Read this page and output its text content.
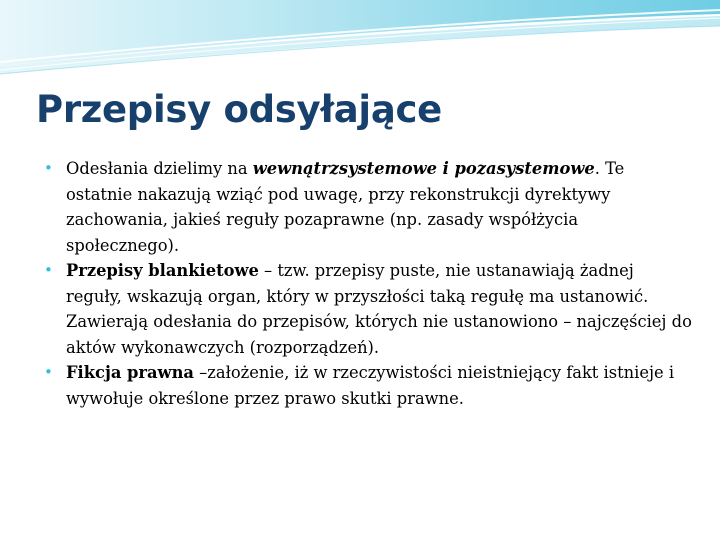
Przepisy odsyłające
• Odesłania dzielimy na wewnątrzsystemowe i pozasystemowe. Te ostatnie nakazują wziąć pod uwagę, przy rekonstrukcji dyrektywy zachowania, jakieś reguły pozaprawne (np. zasady współżycia społecznego).
• Przepisy blankietowe – tzw. przepisy puste, nie ustanawiają żadnej reguły, wskazują organ, który w przyszłości taką regułę ma ustanowić. Zawierają odesłania do przepisów, których nie ustanowiono – najczęściej do aktów wykonawczych (rozporządzeń).
• Fikcja prawna –założenie, iż w rzeczywistości nieistniejący fakt istnieje i wywołuje określone przez prawo skutki prawne.
